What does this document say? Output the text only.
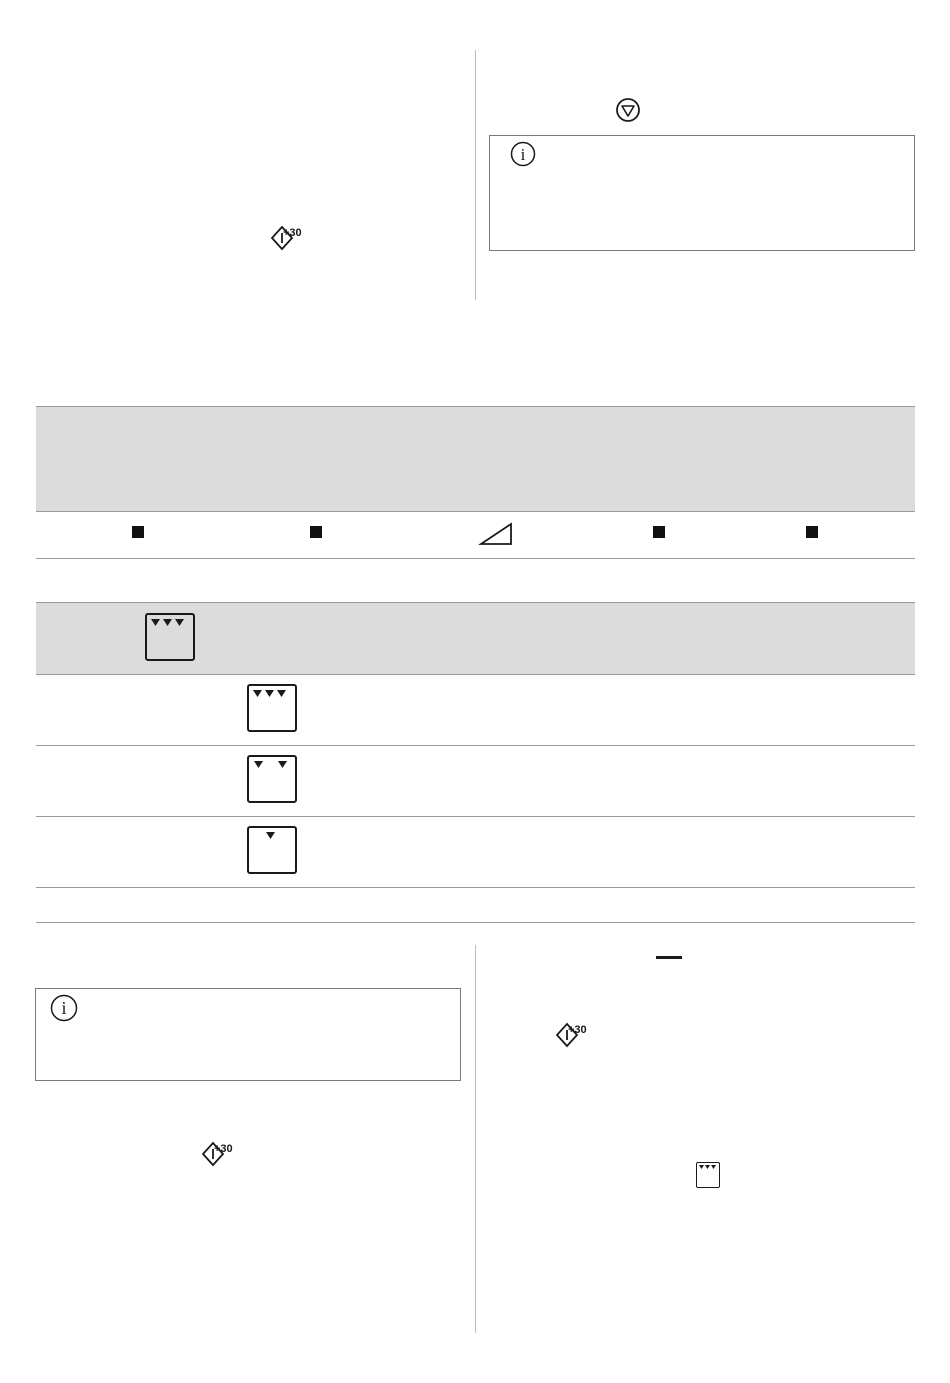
+30
i
i
+30
+30
